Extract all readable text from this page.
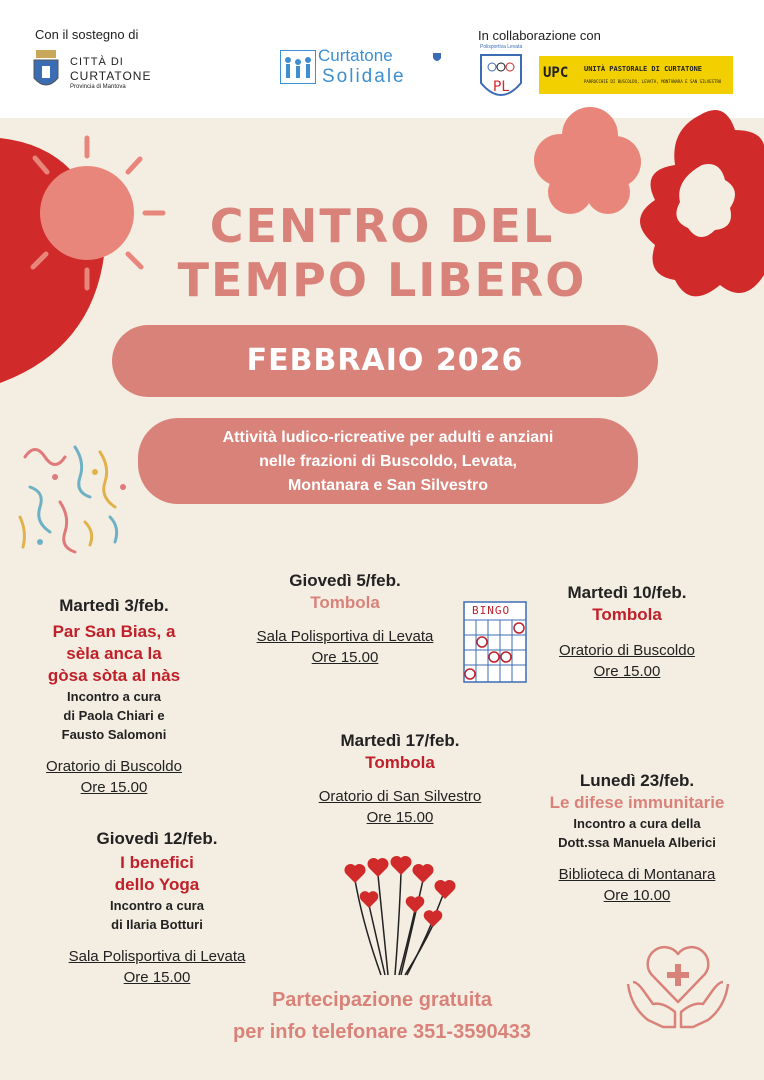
Con il sostegno di
CITTÀ DI
CURTATONE
Provincia di Mantova
Curtatone
Solidale
In collaborazione con
PL
Polisportiva Levata
UPC UNITÀ PASTORALE DI CURTATONE
PARROCCHIE DI BUSCOLDO, LEVATA, MONTANARA E SAN SILVESTRO
CENTRO DEL
TEMPO LIBERO
FEBBRAIO 2026
Attività ludico-ricreative per adulti e anziani
nelle frazioni di Buscoldo, Levata,
Montanara e San Silvestro
Martedì 3/feb.
Par San Bias, a
sèla anca la
gòsa sòta al nàs
Incontro a cura
di Paola Chiari e
Fausto Salomoni
Oratorio di Buscoldo
Ore 15.00
Giovedì 5/feb.
Tombola
Sala Polisportiva di Levata
Ore 15.00
BINGO
Martedì 10/feb.
Tombola
Oratorio di Buscoldo
Ore 15.00
Martedì 17/feb.
Tombola
Oratorio di San Silvestro
Ore 15.00
Lunedì 23/feb.
Le difese immunitarie
Incontro a cura della
Dott.ssa Manuela Alberici
Biblioteca di Montanara
Ore 10.00
Giovedì 12/feb.
I benefici
dello Yoga
Incontro a cura
di Ilaria Botturi
Sala Polisportiva di Levata
Ore 15.00
Partecipazione gratuita
per info telefonare 351-3590433
